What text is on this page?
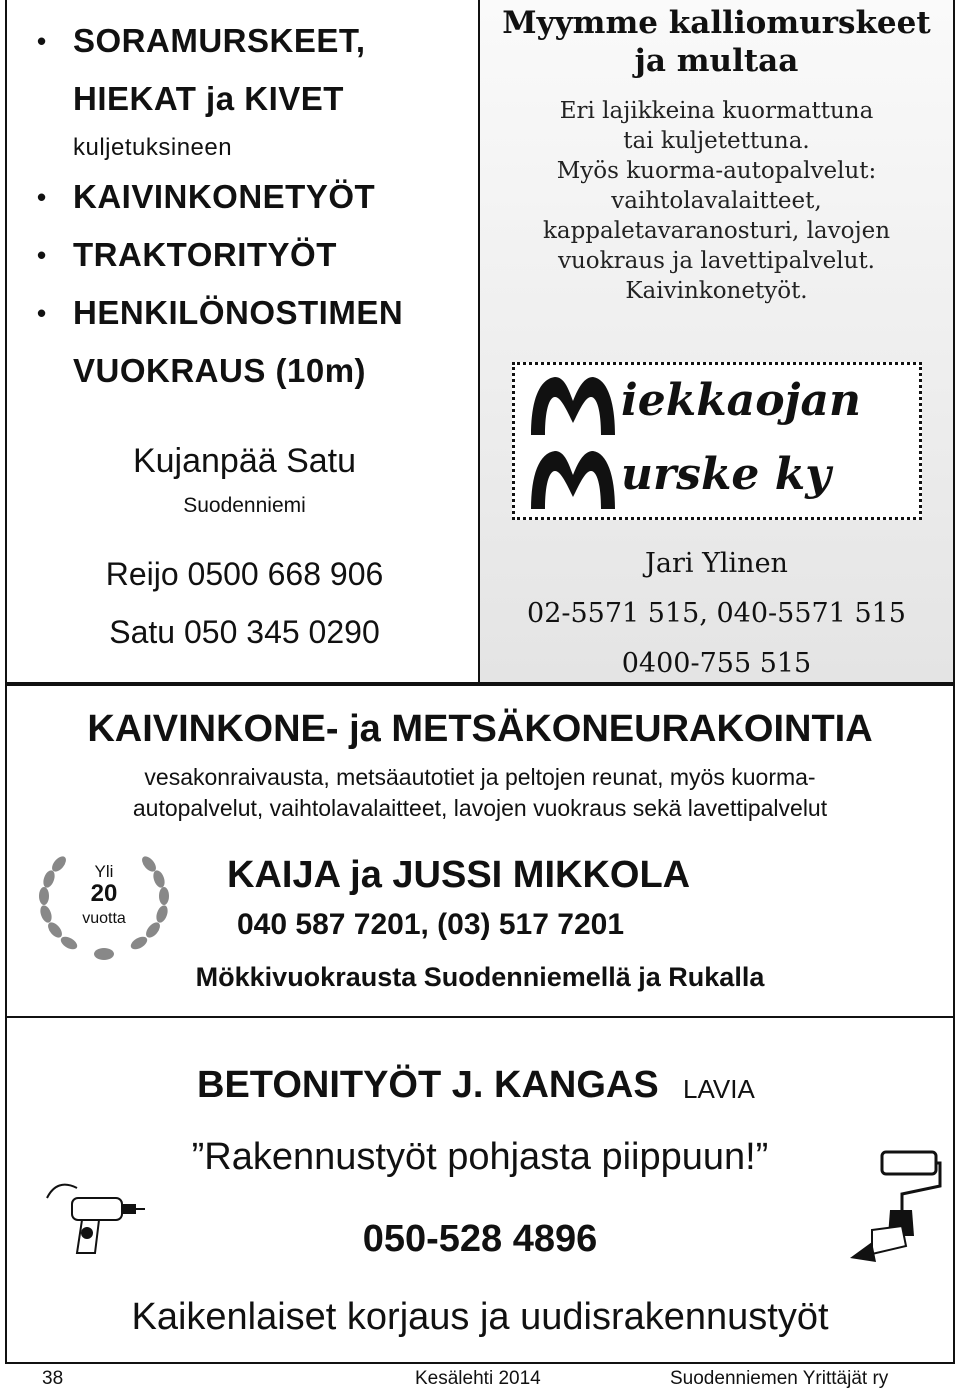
• SORAMURSKEET,
HIEKAT ja KIVET
kuljetuksineen
• KAIVINKONETYÖT
• TRAKTORITYÖT
• HENKILÖNOSTIMEN
VUOKRAUS (10m)
Kujanpää Satu
Suodenniemi
Reijo 0500 668 906
Satu 050 345 0290
Myymme kalliomurskeet
ja multaa
Eri lajikkeina kuormattuna
tai kuljetettuna.
Myös kuorma-autopalvelut:
vaihtolavalaitteet,
kappaletavaranosturi, lavojen
vuokraus ja lavettipalvelut.
Kaivinkonetyöt.
iekkaojan
urske ky
Jari Ylinen
02-5571 515, 040-5571 515
0400-755 515
KAIVINKONE- ja METSÄKONEURAKOINTIA
vesakonraivausta, metsäautotiet ja peltojen reunat, myös kuorma-
autopalvelut, vaihtolavalaitteet, lavojen vuokraus sekä lavettipalvelut
Yli
20
vuotta
KAIJA ja JUSSI MIKKOLA
040 587 7201, (03) 517 7201
Mökkivuokrausta Suodenniemellä ja Rukalla
BETONITYÖT J. KANGAS LAVIA
”Rakennustyöt pohjasta piippuun!”
050-528 4896
Kaikenlaiset korjaus ja uudisrakennustyöt
38	Kesälehti 2014	Suodenniemen Yrittäjät ry
